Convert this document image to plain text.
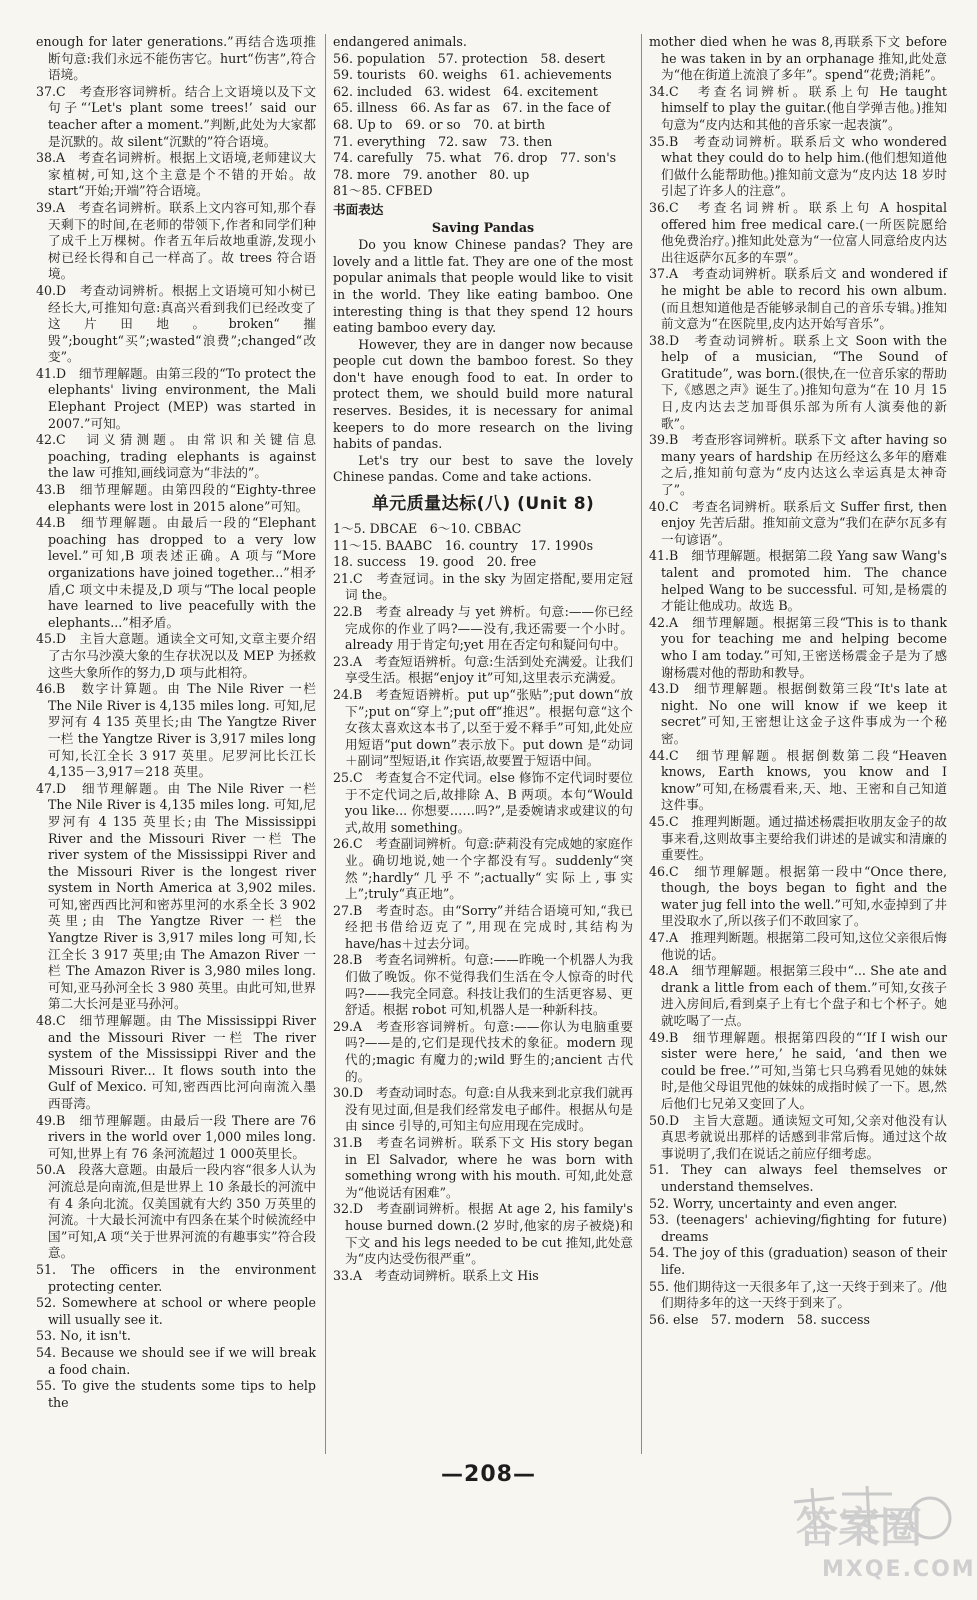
enough for later generations.”再结合选项推断句意:我们永远不能伤害它。hurt“伤害”,符合语境。

37.C　考查形容词辨析。结合上文语境以及下文句子“‘Let's plant some trees!’ said our teacher after a moment.”判断,此处为大家都是沉默的。故 silent“沉默的”符合语境。

38.A　考查名词辨析。根据上文语境,老师建议大家植树,可知,这个主意是个不错的开始。故 start“开始;开端”符合语境。

39.A　考查名词辨析。联系上文内容可知,那个春天剩下的时间,在老师的带领下,作者和同学们种了成千上万棵树。作者五年后故地重游,发现小树已经长得和自己一样高了。故 trees 符合语境。

40.D　考查动词辨析。根据上文语境可知小树已经长大,可推知句意:真高兴看到我们已经改变了这片田地。broken“摧毁”;bought“买”;wasted“浪费”;changed“改变”。

41.D　细节理解题。由第三段的“To protect the elephants' living environment, the Mali Elephant Project (MEP) was started in 2007.”可知。

42.C　词义猜测题。由常识和关键信息 poaching, trading elephants is against the law 可推知,画线词意为“非法的”。

43.B　细节理解题。由第四段的“Eighty-three elephants were lost in 2015 alone”可知。

44.B　细节理解题。由最后一段的“Elephant poaching has dropped to a very low level.”可知,B 项表述正确。A 项与“More organizations have joined together...”相矛盾,C 项文中未提及,D 项与“The local people have learned to live peacefully with the elephants...”相矛盾。

45.D　主旨大意题。通读全文可知,文章主要介绍了古尔马沙漠大象的生存状况以及 MEP 为拯救这些大象所作的努力,D 项与此相符。

46.B　数字计算题。由 The Nile River 一栏 The Nile River is 4,135 miles long. 可知,尼罗河有 4 135 英里长;由 The Yangtze River 一栏 the Yangtze River is 3,917 miles long 可知,长江全长 3 917 英里。尼罗河比长江长 4,135－3,917＝218 英里。

47.D　细节理解题。由 The Nile River 一栏 The Nile River is 4,135 miles long. 可知,尼罗河有 4 135 英里长;由 The Mississippi River and the Missouri River 一栏 The river system of the Mississippi River and the Missouri River is the longest river system in North America at 3,902 miles. 可知,密西西比河和密苏里河的水系全长 3 902 英里;由 The Yangtze River 一栏 the Yangtze River is 3,917 miles long 可知,长江全长 3 917 英里;由 The Amazon River 一栏 The Amazon River is 3,980 miles long. 可知,亚马孙河全长 3 980 英里。由此可知,世界第二大长河是亚马孙河。

48.C　细节理解题。由 The Mississippi River and the Missouri River 一栏 The river system of the Mississippi River and the Missouri River... It flows south into the Gulf of Mexico. 可知,密西西比河向南流入墨西哥湾。

49.B　细节理解题。由最后一段 There are 76 rivers in the world over 1,000 miles long. 可知,世界上有 76 条河流超过 1 000英里长。

50.A　段落大意题。由最后一段内容“很多人认为河流总是向南流,但是世界上 10 条最长的河流中有 4 条向北流。仅美国就有大约 350 万英里的河流。十大最长河流中有四条在某个时候流经中国”可知,A 项“关于世界河流的有趣事实”符合段意。

51. The officers in the environment protecting center.

52. Somewhere at school or where people will usually see it.

53. No, it isn't.

54. Because we should see if we will break a food chain.

55. To give the students some tips to help the

endangered animals.

56. population　57. protection　58. desert

59. tourists　60. weighs　61. achievements

62. included　63. widest　64. excitement

65. illness　66. As far as　67. in the face of

68. Up to　69. or so　70. at birth

71. everything　72. saw　73. then

74. carefully　75. what　76. drop　77. son's

78. more　79. another　80. up

81～85. CFBED

书面表达
Saving Pandas

Do you know Chinese pandas? They are lovely and a little fat. They are one of the most popular animals that people would like to visit in the world. They like eating bamboo. One interesting thing is that they spend 12 hours eating bamboo every day.

However, they are in danger now because people cut down the bamboo forest. So they don't have enough food to eat. In order to protect them, we should build more natural reserves. Besides, it is necessary for animal keepers to do more research on the living habits of pandas.

Let's try our best to save the lovely Chinese pandas. Come and take actions.

单元质量达标(八) (Unit 8)

1～5. DBCAE　6～10. CBBAC

11～15. BAABC　16. country　17. 1990s

18. success　19. good　20. free

21.C　考查冠词。in the sky 为固定搭配,要用定冠词 the。

22.B　考查 already 与 yet 辨析。句意:——你已经完成你的作业了吗?——没有,我还需要一个小时。already 用于肯定句;yet 用在否定句和疑问句中。

23.A　考查短语辨析。句意:生活到处充满爱。让我们享受生活。根据“enjoy it”可知,这里表示充满爱。

24.B　考查短语辨析。put up“张贴”;put down“放下”;put on“穿上”;put off“推迟”。根据句意“这个女孩太喜欢这本书了,以至于爱不释手”可知,此处应用短语“put down”表示放下。put down 是“动词＋副词”型短语,it 作宾语,故要置于短语中间。

25.C　考查复合不定代词。else 修饰不定代词时要位于不定代词之后,故排除 A、B 两项。本句“Would you like... 你想要……吗?”,是委婉请求或建议的句式,故用 something。

26.C　考查副词辨析。句意:萨莉没有完成她的家庭作业。确切地说,她一个字都没有写。suddenly“突然”;hardly“几乎不”;actually“实际上,事实上”;truly“真正地”。

27.B　考查时态。由“Sorry”并结合语境可知,“我已经把书借给迈克了”,用现在完成时,其结构为 have/has＋过去分词。

28.B　考查名词辨析。句意:——昨晚一个机器人为我们做了晚饭。你不觉得我们生活在令人惊奇的时代吗?——我完全同意。科技让我们的生活更容易、更舒适。根据 robot 可知,机器人是一种新科技。

29.A　考查形容词辨析。句意:——你认为电脑重要吗?——是的,它们是现代技术的象征。modern 现代的;magic 有魔力的;wild 野生的;ancient 古代的。

30.D　考查动词时态。句意:自从我来到北京我们就再没有见过面,但是我们经常发电子邮件。根据从句是由 since 引导的,可知主句应用现在完成时。

31.B　考查名词辨析。联系下文 His story began in El Salvador, where he was born with something wrong with his mouth. 可知,此处意为“他说话有困难”。

32.D　考查副词辨析。根据 At age 2, his family's house burned down.(2 岁时,他家的房子被烧)和下文 and his legs needed to be cut 推知,此处意为“皮内达受伤很严重”。

33.A　考查动词辨析。联系上文 His

mother died when he was 8,再联系下文 before he was taken in by an orphanage 推知,此处意为“他在街道上流浪了多年”。spend“花费;消耗”。

34.C　考查名词辨析。联系上句 He taught himself to play the guitar.(他自学弹吉他。)推知句意为“皮内达和其他的音乐家一起表演”。

35.B　考查动词辨析。联系后文 who wondered what they could do to help him.(他们想知道他们做什么能帮助他。)推知前文意为“皮内达 18 岁时引起了许多人的注意”。

36.C　考查名词辨析。联系上句 A hospital offered him free medical care.(一所医院愿给他免费治疗。)推知此处意为“一位富人同意给皮内达出往返萨尔瓦多的车票”。

37.A　考查动词辨析。联系后文 and wondered if he might be able to record his own album.(而且想知道他是否能够录制自己的音乐专辑。)推知前文意为“在医院里,皮内达开始写音乐”。

38.D　考查动词辨析。联系上文 Soon with the help of a musician, “The Sound of Gratitude”, was born.(很快,在一位音乐家的帮助下,《感恩之声》诞生了。)推知句意为“在 10 月 15 日,皮内达去芝加哥俱乐部为所有人演奏他的新歌”。

39.B　考查形容词辨析。联系下文 after having so many years of hardship 在历经这么多年的磨难之后,推知前句意为“皮内达这么幸运真是太神奇了”。

40.C　考查名词辨析。联系后文 Suffer first, then enjoy 先苦后甜。推知前文意为“我们在萨尔瓦多有一句谚语”。

41.B　细节理解题。根据第二段 Yang saw Wang's talent and promoted him. The chance helped Wang to be successful. 可知,是杨震的才能让他成功。故选 B。

42.A　细节理解题。根据第三段“This is to thank you for teaching me and helping become who I am today.”可知,王密送杨震金子是为了感谢杨震对他的帮助和教导。

43.D　细节理解题。根据倒数第三段“It's late at night. No one will know if we keep it secret”可知,王密想让这金子这件事成为一个秘密。

44.C　细节理解题。根据倒数第二段“Heaven knows, Earth knows, you know and I know”可知,在杨震看来,天、地、王密和自己知道这件事。

45.C　推理判断题。通过描述杨震拒收朋友金子的故事来看,这则故事主要给我们讲述的是诚实和清廉的重要性。

46.C　细节理解题。根据第一段中“Once there, though, the boys began to fight and the water jug fell into the well.”可知,水壶掉到了井里没取水了,所以孩子们不敢回家了。

47.A　推理判断题。根据第二段可知,这位父亲很后悔他说的话。

48.A　细节理解题。根据第三段中“... She ate and drank a little from each of them.”可知,女孩子进入房间后,看到桌子上有七个盘子和七个杯子。她就吃喝了一点。

49.B　细节理解题。根据第四段的“‘If I wish our sister were here,’ he said, ‘and then we could be free.’”可知,当第七只乌鸦看见她的妹妹时,是他父母诅咒他的妹妹的成指时候了一下。恩,然后他们七兄弟又变回了人。

50.D　主旨大意题。通读短文可知,父亲对他没有认真思考就说出那样的话感到非常后悔。通过这个故事说明了,我们在说话之前应仔细考虑。

51. They can always feel themselves or understand themselves.

52. Worry, uncertainty and even anger.

53. (teenagers' achieving/fighting for future) dreams

54. The joy of this (graduation) season of their life.

55. 他们期待这一天很多年了,这一天终于到来了。/他们期待多年的这一天终于到来了。

56. else　57. modern　58. success

—208—
答案圈
MXQE.COM
